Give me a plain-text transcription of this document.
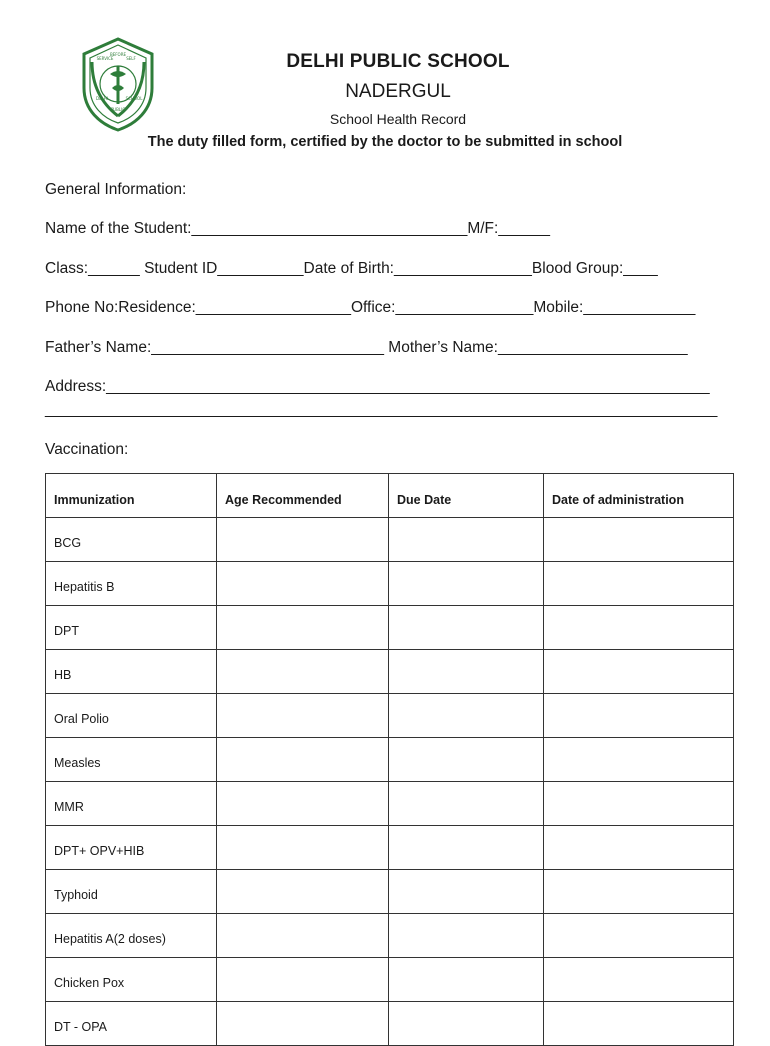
SERVICE
BEFORE
SELF
DELHI
PUBLIC
SCHOOL
DELHI PUBLIC SCHOOL
NADERGUL
School Health Record
The duty filled form, certified by the doctor to be submitted in school
General Information:
Name of the Student:________________________________M/F:______
Class:______ Student ID__________Date of Birth:________________Blood Group:____
Phone No:Residence:__________________Office:________________Mobile:_____________
Father’s Name:___________________________ Mother’s Name:______________________
Address:______________________________________________________________________
______________________________________________________________________________
Vaccination:
Immunization	Age Recommended	Due Date	Date of administration
BCG			
Hepatitis B			
DPT			
HB			
Oral Polio			
Measles			
MMR			
DPT+ OPV+HIB			
Typhoid			
Hepatitis A(2 doses)			
Chicken Pox			
DT - OPA			
